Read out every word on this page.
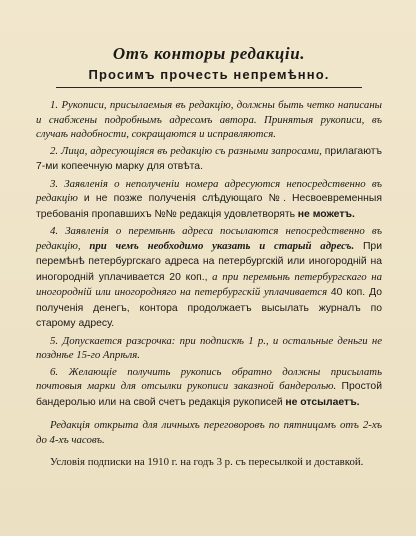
Отъ конторы редакціи.
Просимъ прочесть непремѣнно.

1. Рукописи, присылаемыя въ редакцію, должны быть четко написаны и снабжены подробнымъ адресомъ автора. Принятыя рукописи, въ случаѣ надобности, сокращаются и исправляются.

2. Лица, адресующіяся въ редакцію съ разными запросами, прилагаютъ 7-ми копеечную марку для отвѣта.

3. Заявленія о неполученіи номера адресуются непосредственно въ редакцію и не позже полученія слѣдующаго №. Несвоевременныя требованія пропавшихъ №№ редакція удовлетворять не можетъ.

4. Заявленія о перемѣнѣ адреса посылаются непосредственно въ редакцію, при чемъ необходимо указать и старый адресъ. При перемѣнѣ петербургскаго адреса на петербургскій или иногородній на иногородній уплачивается 20 коп., а при перемѣнѣ петербургскаго на иногородній или иногородняго на петербургскій уплачивается 40 коп. До полученія денегъ, контора продолжаетъ высылать журналъ по старому адресу.

5. Допускается разсрочка: при подпискѣ 1 р., и остальные деньги не позднѣе 15-го Апрѣля.

6. Желающіе получить рукопись обратно должны присылать почтовыя марки для отсылки рукописи заказной бандеролью. Простой бандеролью или на свой счетъ редакція рукописей не отсылаетъ.

Редакція открыта для личныхъ переговоровъ по пятницамъ отъ 2-хъ до 4-хъ часовъ.

Условія подписки на 1910 г. на годъ 3 р. съ пересылкой и доставкой.
